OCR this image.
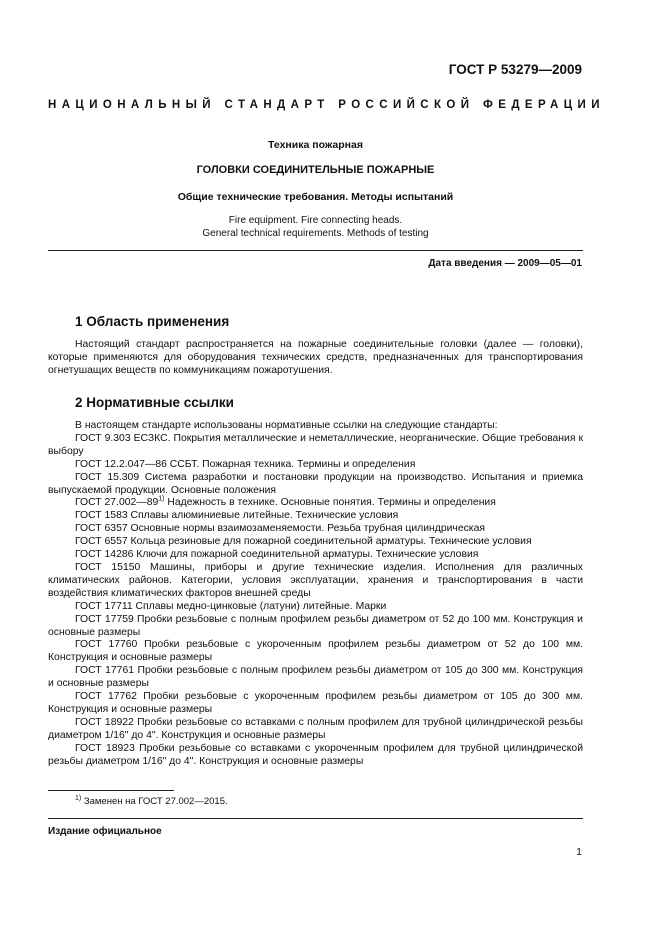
ГОСТ Р 53279—2009
НАЦИОНАЛЬНЫЙ СТАНДАРТ РОССИЙСКОЙ ФЕДЕРАЦИИ
Техника пожарная
ГОЛОВКИ СОЕДИНИТЕЛЬНЫЕ ПОЖАРНЫЕ
Общие технические требования. Методы испытаний
Fire equipment. Fire connecting heads.
General technical requirements. Methods of testing
Дата введения — 2009—05—01
1 Область применения

Настоящий стандарт распространяется на пожарные соединительные головки (далее — головки), которые применяются для оборудования технических средств, предназначенных для транспортирования огнетушащих веществ по коммуникациям пожаротушения.

2 Нормативные ссылки

В настоящем стандарте использованы нормативные ссылки на следующие стандарты:

ГОСТ 9.303 ЕСЗКС. Покрытия металлические и неметаллические, неорганические. Общие требования к выбору

ГОСТ 12.2.047—86 ССБТ. Пожарная техника. Термины и определения

ГОСТ 15.309 Система разработки и постановки продукции на производство. Испытания и приемка выпускаемой продукции. Основные положения

ГОСТ 27.002—89$^{1)}$ Надежность в технике. Основные понятия. Термины и определения

ГОСТ 1583 Сплавы алюминиевые литейные. Технические условия

ГОСТ 6357 Основные нормы взаимозаменяемости. Резьба трубная цилиндрическая

ГОСТ 6557 Кольца резиновые для пожарной соединительной арматуры. Технические условия

ГОСТ 14286 Ключи для пожарной соединительной арматуры. Технические условия

ГОСТ 15150 Машины, приборы и другие технические изделия. Исполнения для различных климатических районов. Категории, условия эксплуатации, хранения и транспортирования в части воздействия климатических факторов внешней среды

ГОСТ 17711 Сплавы медно-цинковые (латуни) литейные. Марки

ГОСТ 17759 Пробки резьбовые с полным профилем резьбы диаметром от 52 до 100 мм. Конструкция и основные размеры

ГОСТ 17760 Пробки резьбовые с укороченным профилем резьбы диаметром от 52 до 100 мм. Конструкция и основные размеры

ГОСТ 17761 Пробки резьбовые с полным профилем резьбы диаметром от 105 до 300 мм. Конструкция и основные размеры

ГОСТ 17762 Пробки резьбовые с укороченным профилем резьбы диаметром от 105 до 300 мм. Конструкция и основные размеры

ГОСТ 18922 Пробки резьбовые со вставками с полным профилем для трубной цилиндрической резьбы диаметром 1/16" до 4". Конструкция и основные размеры

ГОСТ 18923 Пробки резьбовые со вставками с укороченным профилем для трубной цилиндрической резьбы диаметром 1/16" до 4". Конструкция и основные размеры

$^{1)}$ Заменен на ГОСТ 27.002—2015.
Издание официальное
1
